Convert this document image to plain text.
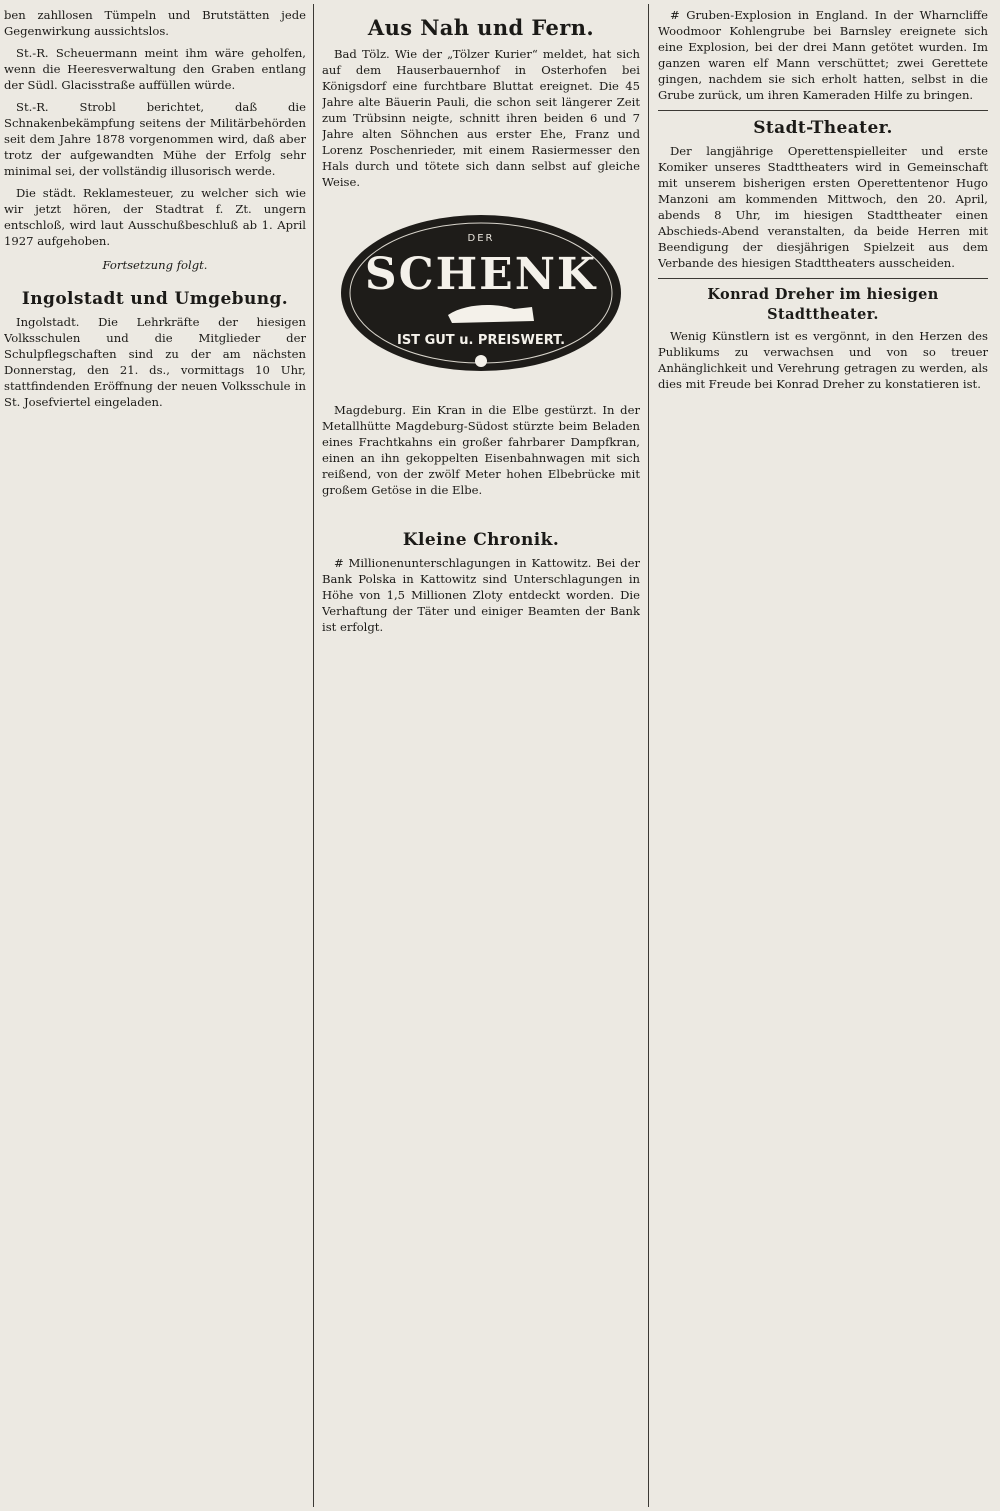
ben zahllosen Tümpeln und Brutstätten jede Gegenwirkung aussichtslos.

St.-R. Scheuermann meint ihm wäre geholfen, wenn die Heeresverwaltung den Graben entlang der Südl. Glacisstraße auffüllen würde.

St.-R. Strobl berichtet, daß die Schnakenbekämpfung seitens der Militärbehörden seit dem Jahre 1878 vorgenommen wird, daß aber trotz der aufgewandten Mühe der Erfolg sehr minimal sei, der vollständig illusorisch werde.

Die städt. Reklamesteuer, zu welcher sich wie wir jetzt hören, der Stadtrat f. Zt. ungern entschloß, wird laut Ausschußbeschluß ab 1. April 1927 aufgehoben.

Fortsetzung folgt.
Ingolstadt und Umgebung.

Ingolstadt. Die Lehrkräfte der hiesigen Volksschulen und die Mitglieder der Schulpflegschaften sind zu der am nächsten Donnerstag, den 21. ds., vormittags 10 Uhr, stattfindenden Eröffnung der neuen Volksschule in St. Josefviertel eingeladen.

Aus Nah und Fern.

Bad Tölz. Wie der „Tölzer Kurier“ meldet, hat sich auf dem Hauserbauernhof in Osterhofen bei Königsdorf eine furchtbare Bluttat ereignet. Die 45 Jahre alte Bäuerin Pauli, die schon seit längerer Zeit zum Trübsinn neigte, schnitt ihren beiden 6 und 7 Jahre alten Söhnchen aus erster Ehe, Franz und Lorenz Poschenrieder, mit einem Rasiermesser den Hals durch und tötete sich dann selbst auf gleiche Weise.

DER
SCHENK
IST GUT u. PREISWERT.

Magdeburg. Ein Kran in die Elbe gestürzt. In der Metallhütte Magdeburg-Südost stürzte beim Beladen eines Frachtkahns ein großer fahrbarer Dampfkran, einen an ihn gekoppelten Eisenbahnwagen mit sich reißend, von der zwölf Meter hohen Elbebrücke mit großem Getöse in die Elbe.

Kleine Chronik.

# Millionenunterschlagungen in Kattowitz. Bei der Bank Polska in Kattowitz sind Unterschlagungen in Höhe von 1,5 Millionen Zloty entdeckt worden. Die Verhaftung der Täter und einiger Beamten der Bank ist erfolgt.

# Gruben-Explosion in England. In der Wharncliffe Woodmoor Kohlengrube bei Barnsley ereignete sich eine Explosion, bei der drei Mann getötet wurden. Im ganzen waren elf Mann verschüttet; zwei Gerettete gingen, nachdem sie sich erholt hatten, selbst in die Grube zurück, um ihren Kameraden Hilfe zu bringen.

Stadt-Theater.

Der langjährige Operettenspielleiter und erste Komiker unseres Stadttheaters wird in Gemeinschaft mit unserem bisherigen ersten Operettentenor Hugo Manzoni am kommenden Mittwoch, den 20. April, abends 8 Uhr, im hiesigen Stadttheater einen Abschieds-Abend veranstalten, da beide Herren mit Beendigung der diesjährigen Spielzeit aus dem Verbande des hiesigen Stadttheaters ausscheiden.

Konrad Dreher im hiesigen Stadttheater.

Wenig Künstlern ist es vergönnt, in den Herzen des Publikums zu verwachsen und von so treuer Anhänglichkeit und Verehrung getragen zu werden, als dies mit Freude bei Konrad Dreher zu konstatieren ist.
